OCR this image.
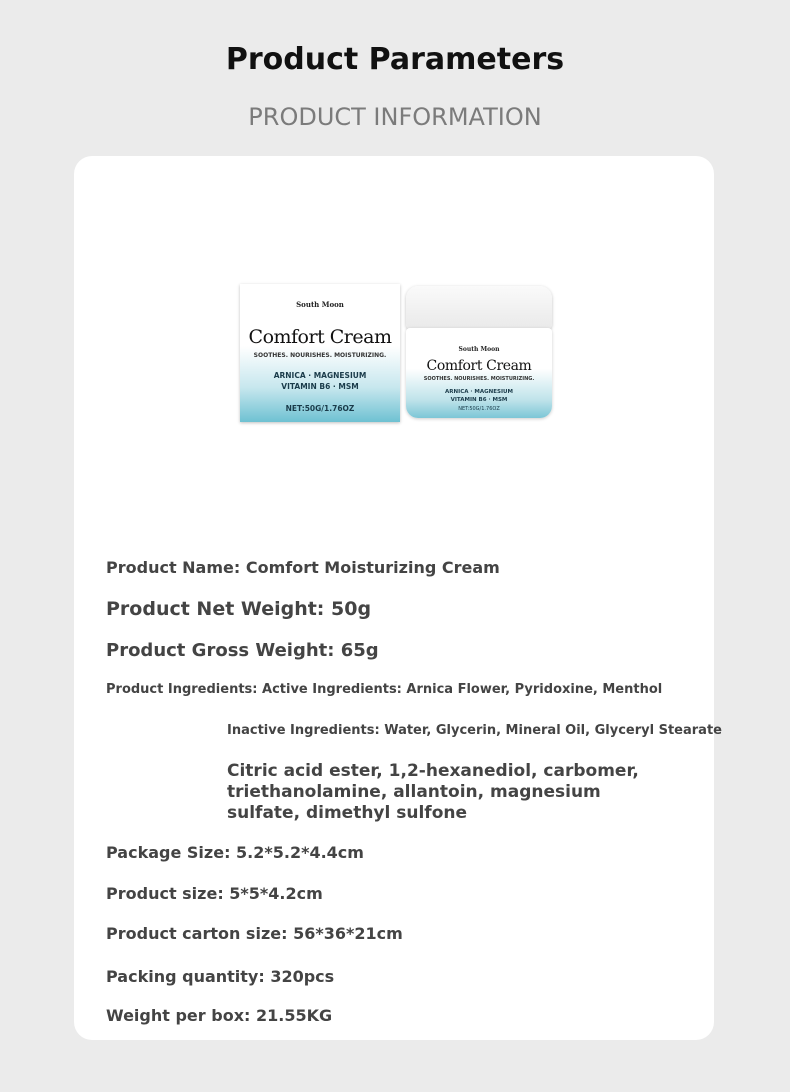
Product Parameters
PRODUCT INFORMATION
South Moon
Comfort Cream
SOOTHES. NOURISHES. MOISTURIZING.
ARNICA · MAGNESIUM
VITAMIN B6 · MSM
NET:50G/1.76OZ
South Moon
Comfort Cream
SOOTHES. NOURISHES. MOISTURIZING.
ARNICA · MAGNESIUM
VITAMIN B6 · MSM
NET:50G/1.76OZ
Product Name: Comfort Moisturizing Cream
Product Net Weight: 50g
Product Gross Weight: 65g
Product Ingredients: Active Ingredients: Arnica Flower, Pyridoxine, Menthol
Inactive Ingredients: Water, Glycerin, Mineral Oil, Glyceryl Stearate
Citric acid ester, 1,2-hexanediol, carbomer, triethanolamine, allantoin, magnesium sulfate, dimethyl sulfone
Package Size: 5.2*5.2*4.4cm
Product size: 5*5*4.2cm
Product carton size: 56*36*21cm
Packing quantity: 320pcs
Weight per box: 21.55KG
